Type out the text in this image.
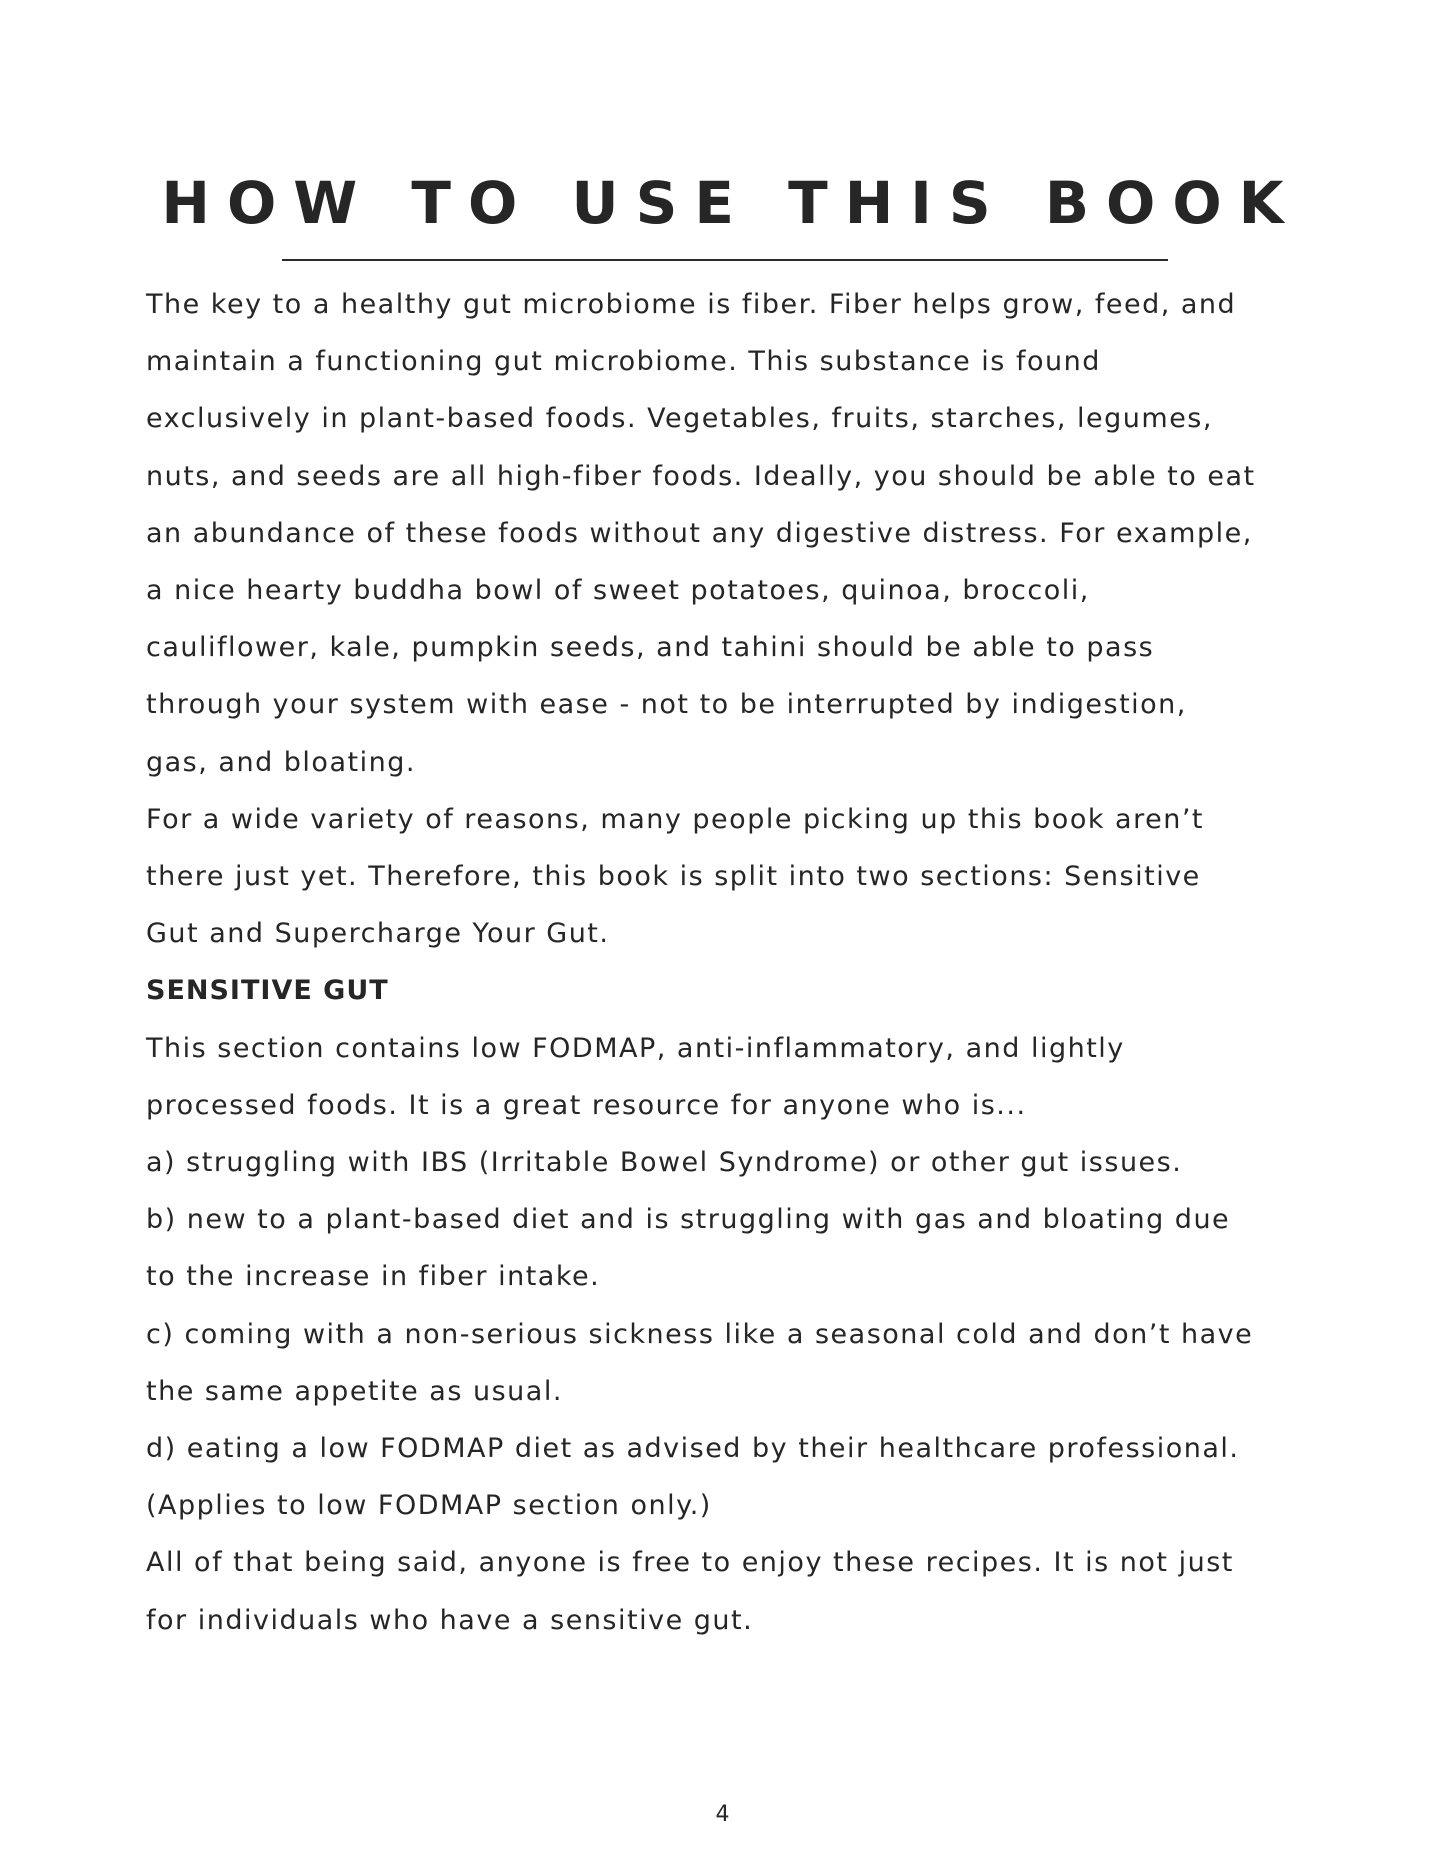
HOW TO USE THIS BOOK

The key to a healthy gut microbiome is fiber. Fiber helps grow, feed, and

maintain a functioning gut microbiome. This substance is found

exclusively in plant-based foods. Vegetables, fruits, starches, legumes,

nuts, and seeds are all high-fiber foods. Ideally, you should be able to eat

an abundance of these foods without any digestive distress. For example,

a nice hearty buddha bowl of sweet potatoes, quinoa, broccoli,

cauliflower, kale, pumpkin seeds, and tahini should be able to pass

through your system with ease - not to be interrupted by indigestion,

gas, and bloating.

For a wide variety of reasons, many people picking up this book aren’t

there just yet. Therefore, this book is split into two sections: Sensitive

Gut and Supercharge Your Gut.

SENSITIVE GUT

This section contains low FODMAP, anti-inflammatory, and lightly

processed foods. It is a great resource for anyone who is...

a) struggling with IBS (Irritable Bowel Syndrome) or other gut issues.

b) new to a plant-based diet and is struggling with gas and bloating due

to the increase in fiber intake.

c) coming with a non-serious sickness like a seasonal cold and don’t have

the same appetite as usual.

d) eating a low FODMAP diet as advised by their healthcare professional.

(Applies to low FODMAP section only.)

All of that being said, anyone is free to enjoy these recipes. It is not just

for individuals who have a sensitive gut.

4
